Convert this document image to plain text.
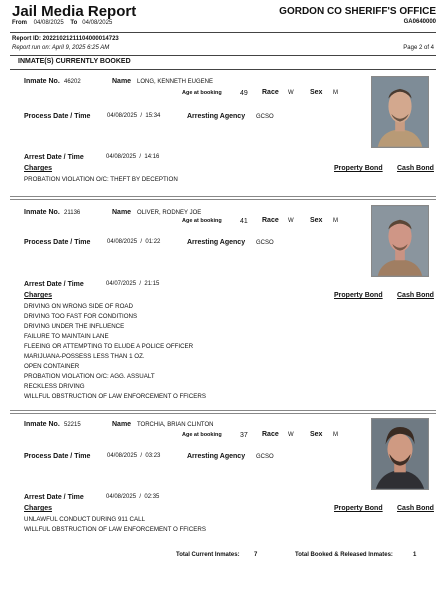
Jail Media Report	GORDON CO SHERIFF'S OFFICE
GA0640000
From 04/08/2025 To 04/08/2025
Report ID: 20221021211104000014723
Report run on: April 9, 2025 6:25 AM	Page 2 of 4
INMATE(S) CURRENTLY BOOKED
Inmate No. 46202	Name LONG, KENNETH EUGENE
Age at booking	49 Race W Sex M
Process Date / Time	04/08/2025  /  15:34	Arresting Agency GCSO
Arrest Date / Time	04/08/2025  /  14:16
Charges	Property Bond Cash Bond
PROBATION VIOLATION O/C: THEFT BY DECEPTION
Inmate No. 21136	Name OLIVER, RODNEY JOE
Age at booking	41 Race W Sex M
Process Date / Time	04/08/2025  /  01:22	Arresting Agency GCSO
Arrest Date / Time	04/07/2025  /  21:15
Charges	Property Bond Cash Bond
DRIVING ON WRONG SIDE OF ROAD
DRIVING TOO FAST FOR CONDITIONS
DRIVING UNDER THE INFLUENCE
FAILURE TO MAINTAIN LANE
FLEEING OR ATTEMPTING TO ELUDE A POLICE OFFICER
MARIJUANA-POSSESS LESS THAN 1 OZ.
OPEN CONTAINER
PROBATION VIOLATION O/C: AGG. ASSUALT
RECKLESS DRIVING
WILLFUL OBSTRUCTION OF LAW ENFORCEMENT O FFICERS
Inmate No. 52215	Name TORCHIA, BRIAN CLINTON
Age at booking	37 Race W Sex M
Process Date / Time	04/08/2025  /  03:23	Arresting Agency GCSO
Arrest Date / Time	04/08/2025  /  02:35
Charges	Property Bond Cash Bond
UNLAWFUL CONDUCT DURING 911 CALL
WILLFUL OBSTRUCTION OF LAW ENFORCEMENT O FFICERS
Total Current Inmates: 7	Total Booked & Released Inmates:	1
